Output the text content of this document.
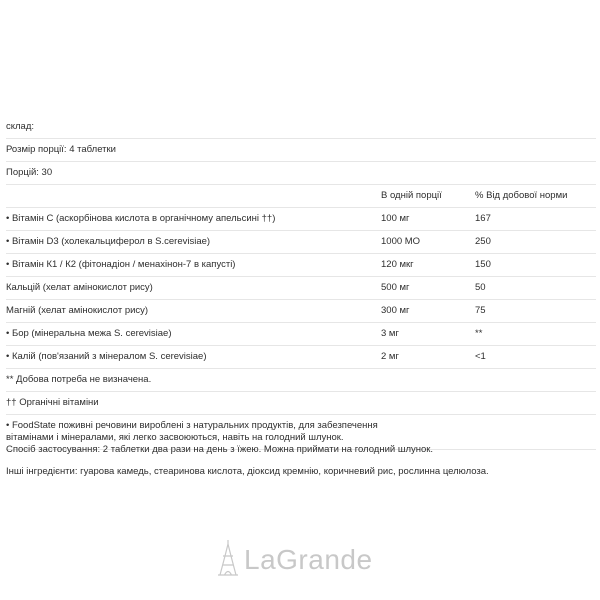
склад:
Розмір порції: 4 таблетки
Порцій: 30
В одній порції	% Від добової норми
• Вітамін C (аскорбінова кислота в органічному апельсині ††)	100 мг	167
• Вітамін D3 (холекальциферол в S.cerevisiae)	1000 МО	250
• Вітамін К1 / К2 (фітонадіон / менахінон-7 в капусті)	120 мкг	150
Кальцій (хелат амінокислот рису)	500 мг	50
Магній (хелат амінокислот рису)	300 мг	75
• Бор (мінеральна межа S. cerevisiae)	3 мг	**
• Калій (пов'язаний з мінералом S. cerevisiae)	2 мг	<1
** Добова потреба не визначена.
†† Органічні вітаміни
• FoodState поживні речовини вироблені з натуральних продуктів, для забезпечення вітамінами і мінералами, які легко засвоюються, навіть на голодний шлунок.

Спосіб застосування: 2 таблетки два рази на день з їжею. Можна приймати на голодний шлунок.

Інші інгредієнти: гуарова камедь, стеаринова кислота, діоксид кремнію, коричневий рис, рослинна целюлоза.

LaGrande
